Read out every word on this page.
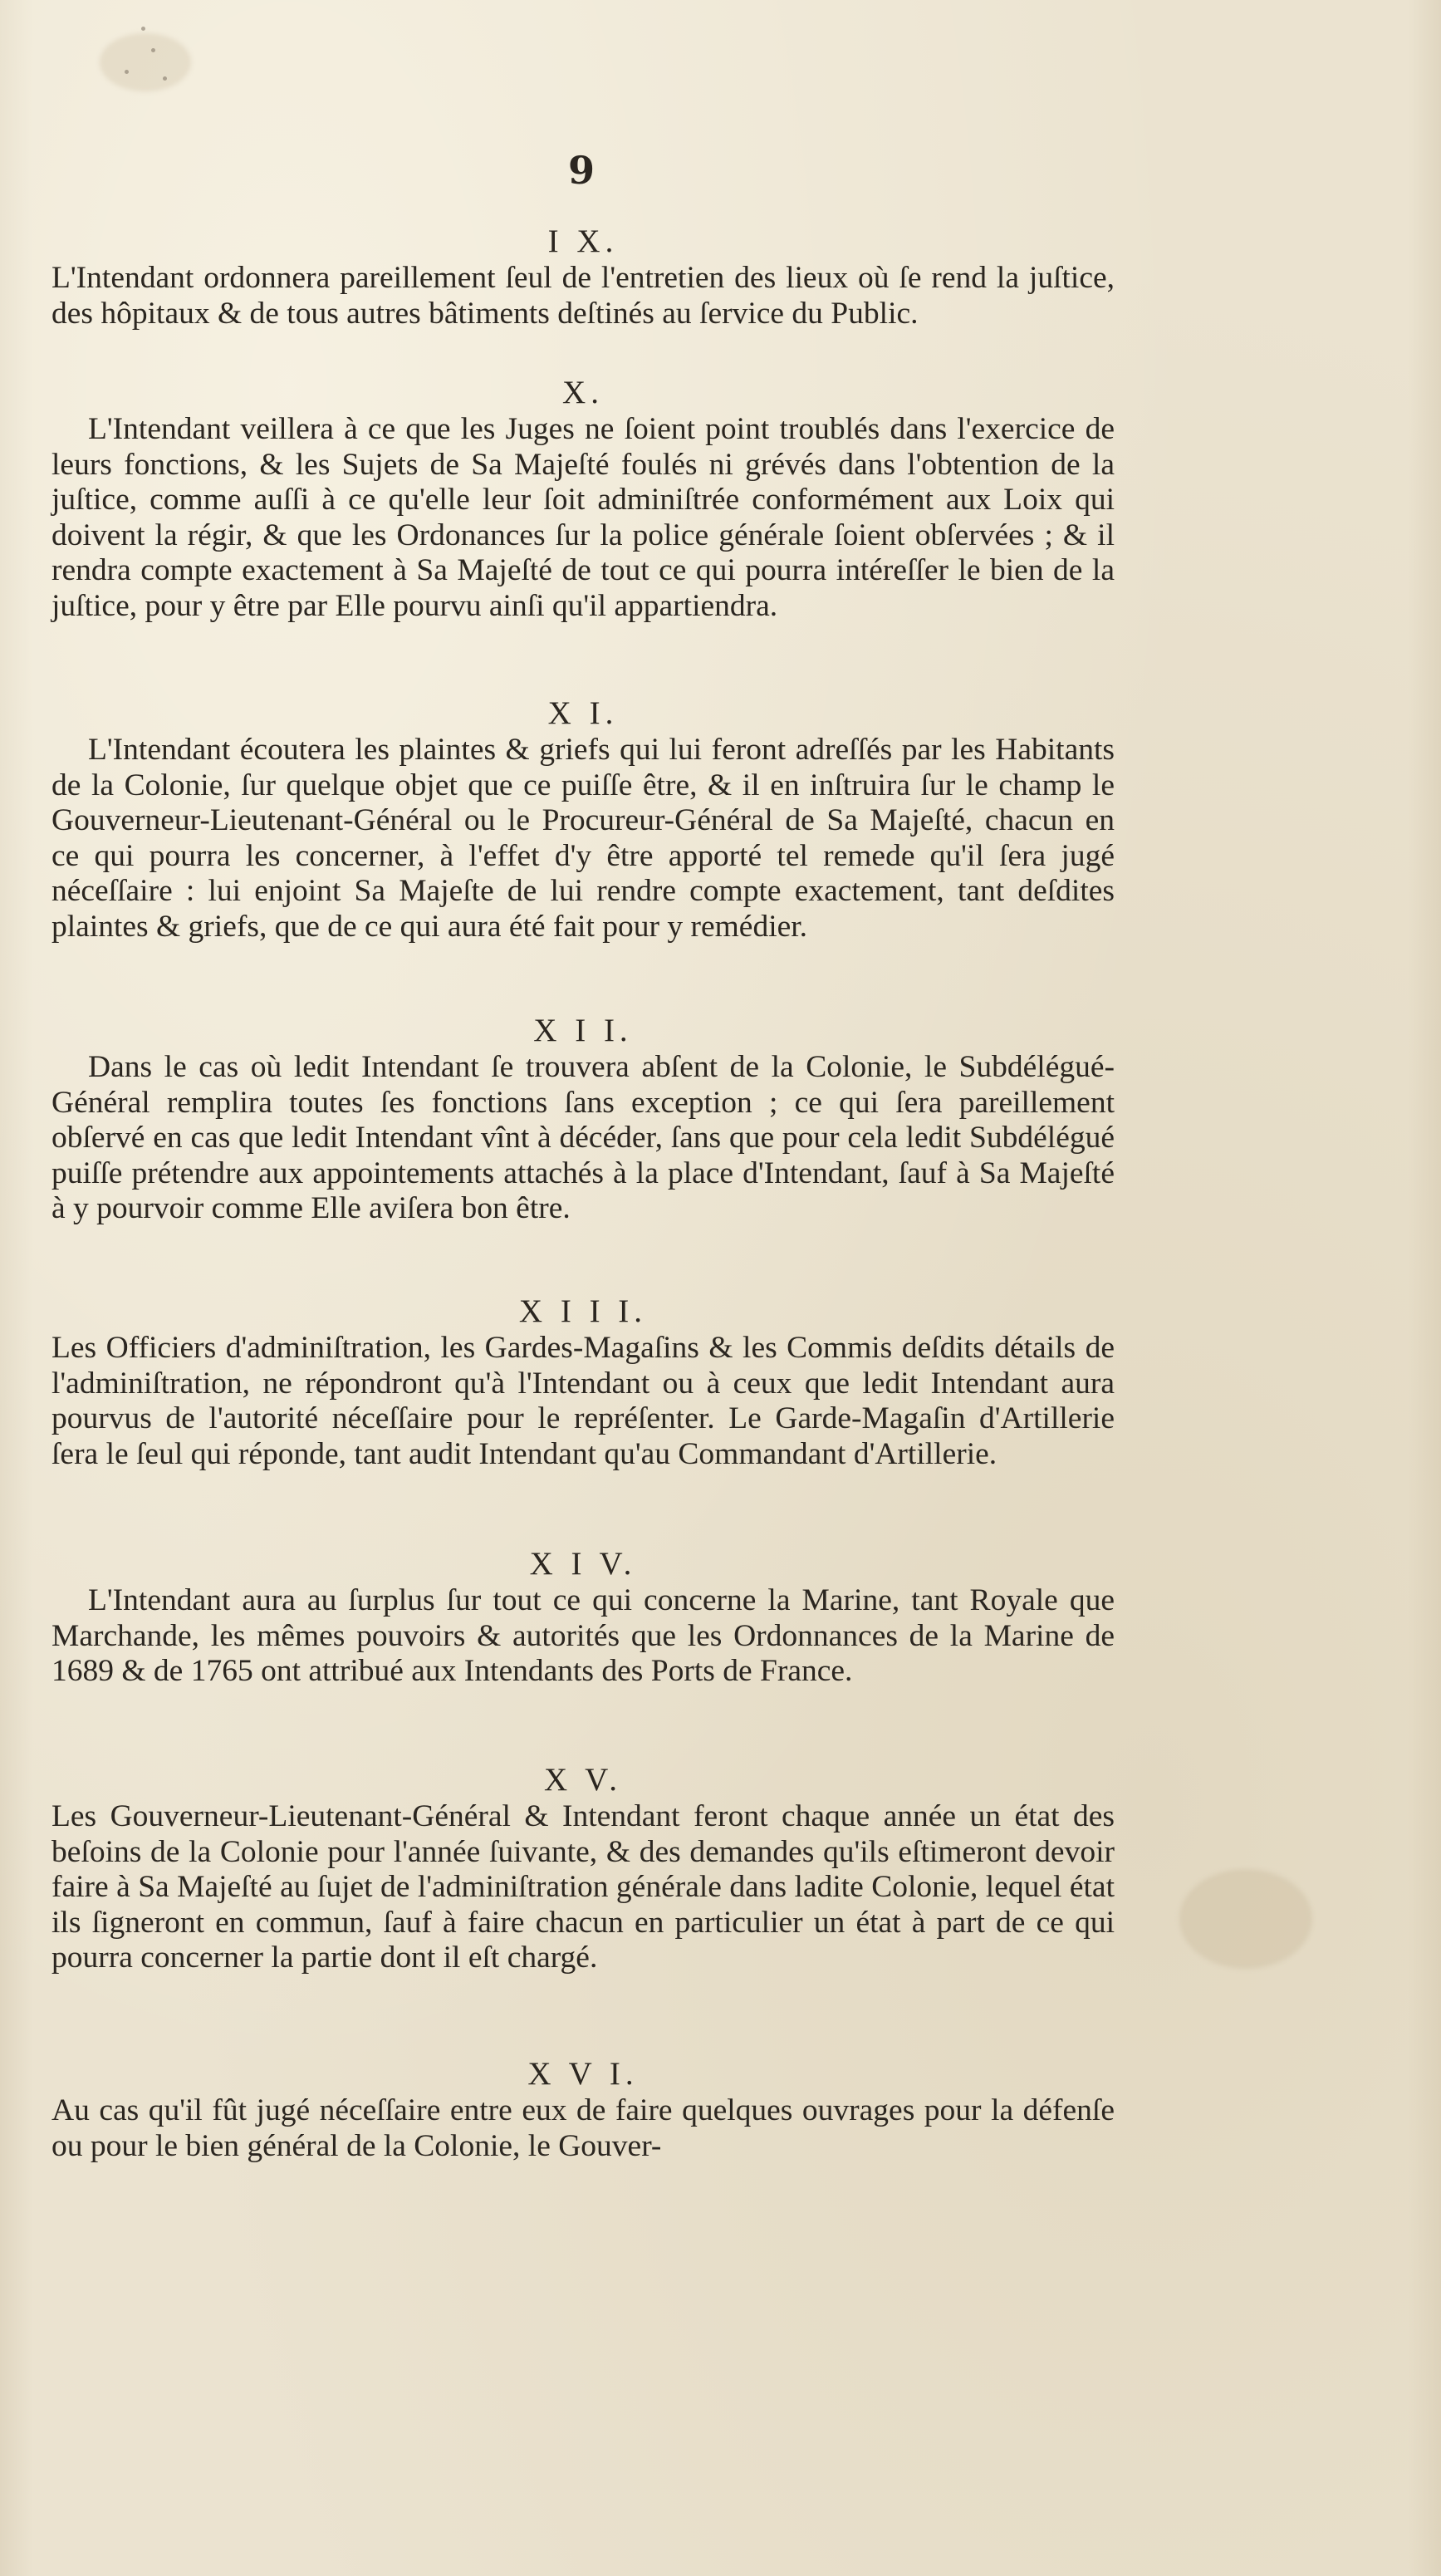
9

I X.

L'Intendant ordonnera pareillement ſeul de l'entretien des lieux où ſe rend la juſtice, des hôpitaux & de tous autres bâtiments deſtinés au ſervice du Public.

X.

L'Intendant veillera à ce que les Juges ne ſoient point troublés dans l'exercice de leurs fonctions, & les Sujets de Sa Majeſté foulés ni grévés dans l'obtention de la juſtice, comme auſſi à ce qu'elle leur ſoit adminiſtrée conformément aux Loix qui doivent la régir, & que les Ordonances ſur la police générale ſoient obſervées ; & il rendra compte exactement à Sa Majeſté de tout ce qui pourra intéreſſer le bien de la juſtice, pour y être par Elle pourvu ainſi qu'il appartiendra.

X I.

L'Intendant écoutera les plaintes & griefs qui lui feront adreſſés par les Habitants de la Colonie, ſur quelque objet que ce puiſſe être, & il en inſtruira ſur le champ le Gouverneur-Lieutenant-Général ou le Procureur-Général de Sa Majeſté, chacun en ce qui pourra les concerner, à l'effet d'y être apporté tel remede qu'il ſera jugé néceſſaire : lui enjoint Sa Majeſte de lui rendre compte exactement, tant deſdites plaintes & griefs, que de ce qui aura été fait pour y remédier.

X I I.

Dans le cas où ledit Intendant ſe trouvera abſent de la Colonie, le Subdélégué-Général remplira toutes ſes fonctions ſans exception ; ce qui ſera pareillement obſervé en cas que ledit Intendant vînt à décéder, ſans que pour cela ledit Subdélégué puiſſe prétendre aux appointements attachés à la place d'Intendant, ſauf à Sa Majeſté à y pourvoir comme Elle aviſera bon être.

X I I I.

Les Officiers d'adminiſtration, les Gardes-Magaſins & les Commis deſdits détails de l'adminiſtration, ne répondront qu'à l'Intendant ou à ceux que ledit Intendant aura pourvus de l'autorité néceſſaire pour le repréſenter. Le Garde-Magaſin d'Artillerie ſera le ſeul qui réponde, tant audit Intendant qu'au Commandant d'Artillerie.

X I V.

L'Intendant aura au ſurplus ſur tout ce qui concerne la Marine, tant Royale que Marchande, les mêmes pouvoirs & autorités que les Ordonnances de la Marine de 1689 & de 1765 ont attribué aux Intendants des Ports de France.

X V.

Les Gouverneur-Lieutenant-Général & Intendant feront chaque année un état des beſoins de la Colonie pour l'année ſuivante, & des demandes qu'ils eſtimeront devoir faire à Sa Majeſté au ſujet de l'adminiſtration générale dans ladite Colonie, lequel état ils ſigneront en commun, ſauf à faire chacun en particulier un état à part de ce qui pourra concerner la partie dont il eſt chargé.

X V I.

Au cas qu'il fût jugé néceſſaire entre eux de faire quelques ouvrages pour la défenſe ou pour le bien général de la Colonie, le Gouver-
